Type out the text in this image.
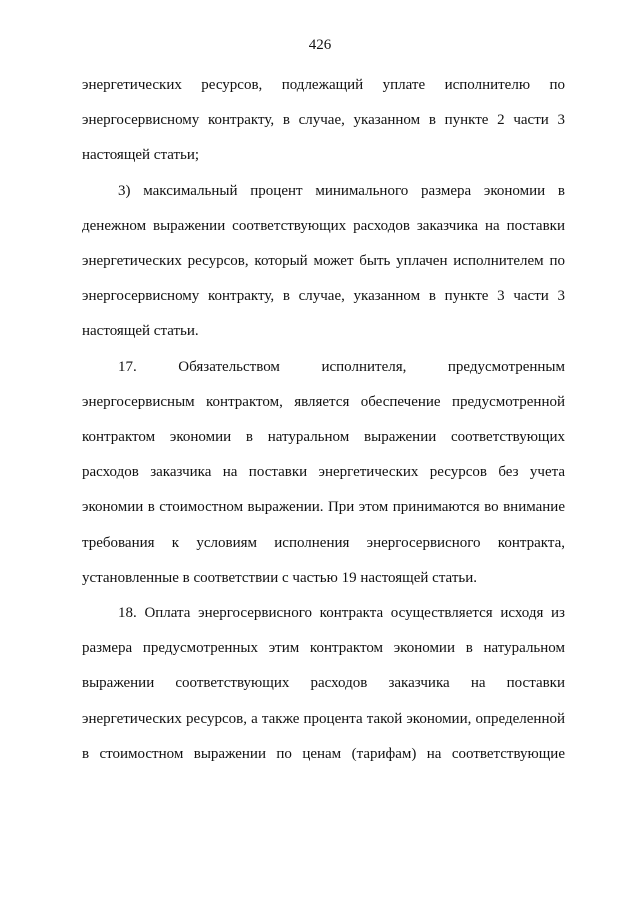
426
энергетических ресурсов, подлежащий уплате исполнителю по
энергосервисному контракту, в случае, указанном в пункте 2 части 3
настоящей статьи;
3) максимальный процент минимального размера экономии в
денежном выражении соответствующих расходов заказчика на поставки
энергетических ресурсов, который может быть уплачен исполнителем по
энергосервисному контракту, в случае, указанном в пункте 3 части 3
настоящей статьи.
17. Обязательством исполнителя, предусмотренным
энергосервисным контрактом, является обеспечение предусмотренной
контрактом экономии в натуральном выражении соответствующих
расходов заказчика на поставки энергетических ресурсов без учета
экономии в стоимостном выражении. При этом принимаются во внимание
требования к условиям исполнения энергосервисного контракта,
установленные в соответствии с частью 19 настоящей статьи.
18. Оплата энергосервисного контракта осуществляется исходя из
размера предусмотренных этим контрактом экономии в натуральном
выражении соответствующих расходов заказчика на поставки
энергетических ресурсов, а также процента такой экономии, определенной
в стоимостном выражении по ценам (тарифам) на соответствующие
